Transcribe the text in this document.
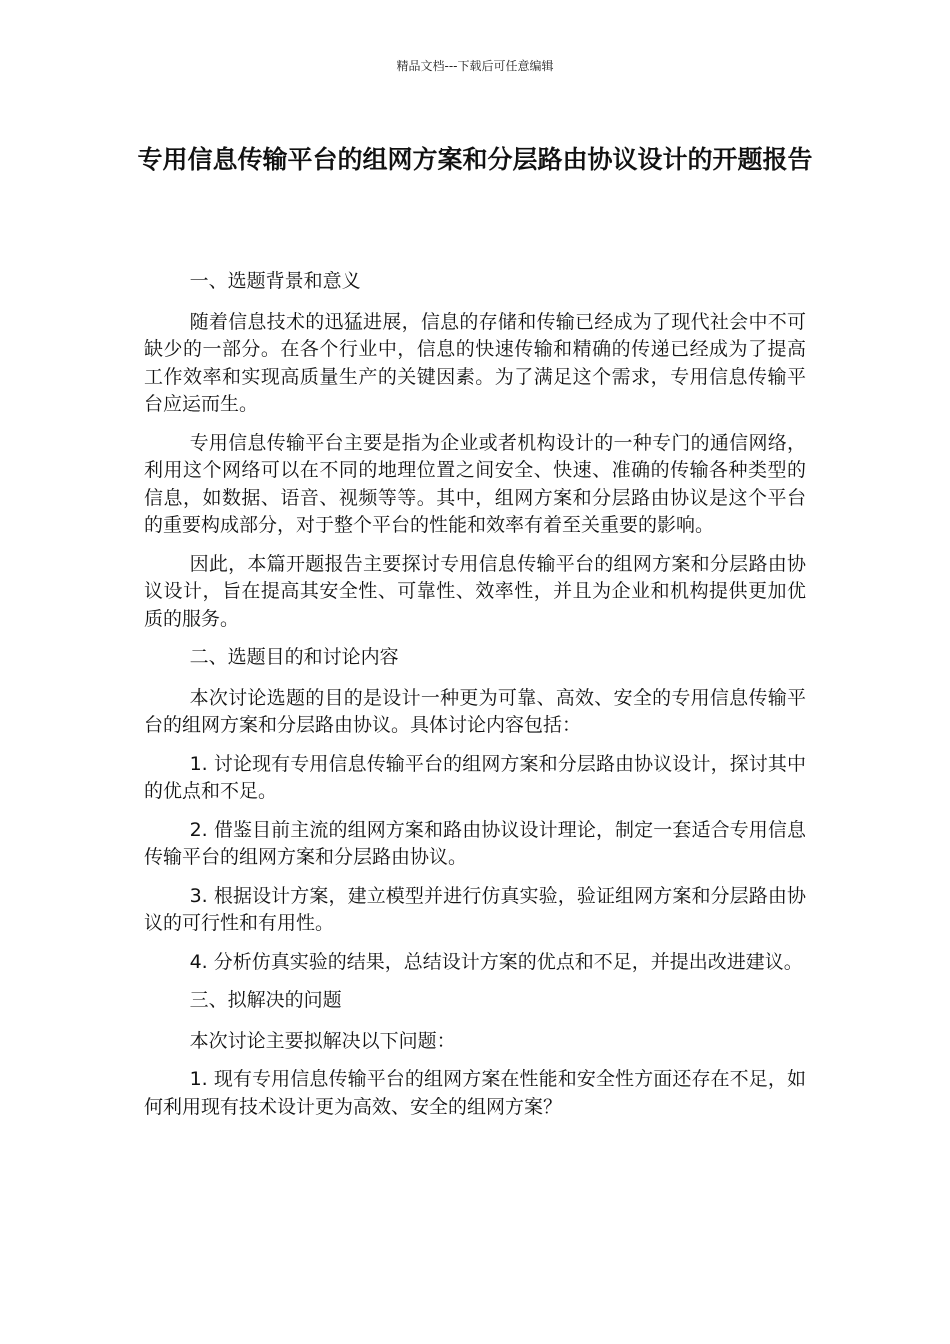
精品文档---下载后可任意编辑
专用信息传输平台的组网方案和分层路由协议设计的开题报告

一、选题背景和意义

随着信息技术的迅猛进展，信息的存储和传输已经成为了现代社会中不可缺少的一部分。在各个行业中，信息的快速传输和精确的传递已经成为了提高工作效率和实现高质量生产的关键因素。为了满足这个需求，专用信息传输平台应运而生。

专用信息传输平台主要是指为企业或者机构设计的一种专门的通信网络，利用这个网络可以在不同的地理位置之间安全、快速、准确的传输各种类型的信息，如数据、语音、视频等等。其中，组网方案和分层路由协议是这个平台的重要构成部分，对于整个平台的性能和效率有着至关重要的影响。

因此，本篇开题报告主要探讨专用信息传输平台的组网方案和分层路由协议设计，旨在提高其安全性、可靠性、效率性，并且为企业和机构提供更加优质的服务。

二、选题目的和讨论内容

本次讨论选题的目的是设计一种更为可靠、高效、安全的专用信息传输平台的组网方案和分层路由协议。具体讨论内容包括：

1. 讨论现有专用信息传输平台的组网方案和分层路由协议设计，探讨其中的优点和不足。

2. 借鉴目前主流的组网方案和路由协议设计理论，制定一套适合专用信息传输平台的组网方案和分层路由协议。

3. 根据设计方案，建立模型并进行仿真实验，验证组网方案和分层路由协议的可行性和有用性。

4. 分析仿真实验的结果，总结设计方案的优点和不足，并提出改进建议。

三、拟解决的问题

本次讨论主要拟解决以下问题：

1. 现有专用信息传输平台的组网方案在性能和安全性方面还存在不足，如何利用现有技术设计更为高效、安全的组网方案？
